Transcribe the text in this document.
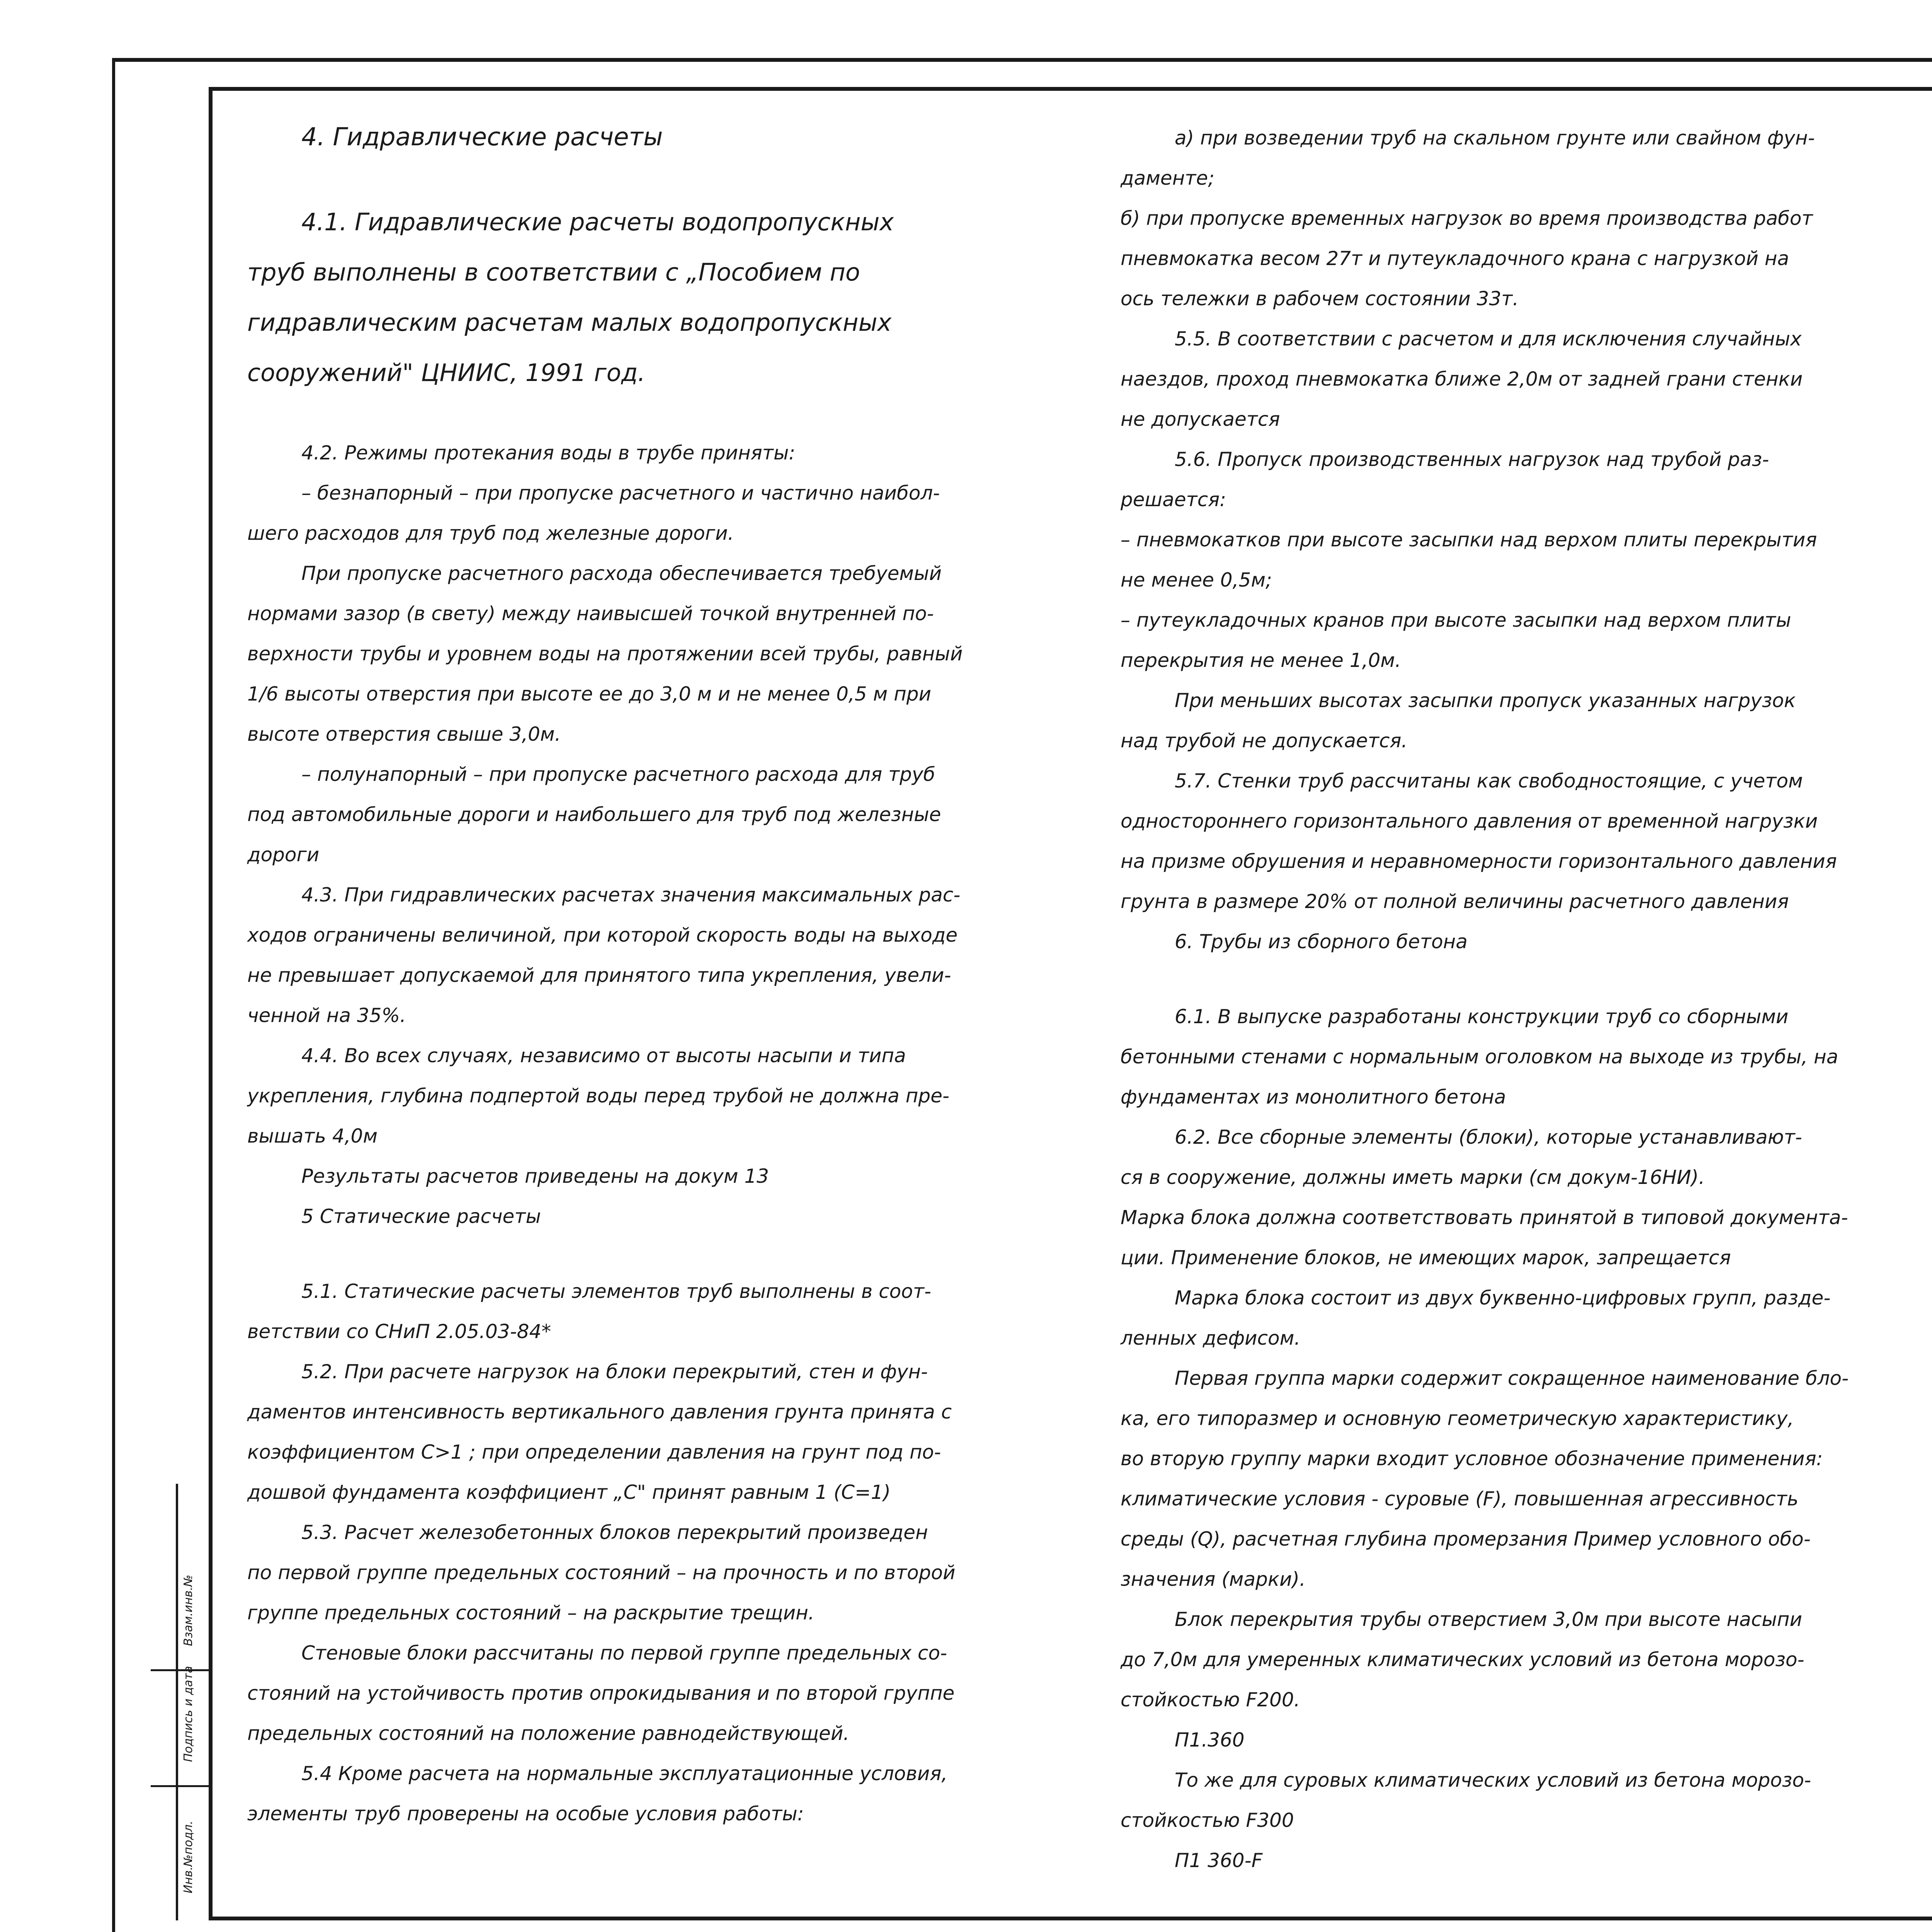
Инв.№подл.
Подпись и дата
Взам.инв.№

4. Гидравлические расчеты

4.1. Гидравлические расчеты водопропускных

труб выполнены в соответствии с „Пособием по

гидравлическим расчетам малых водопропускных

сооружений" ЦНИИС, 1991 год.

4.2. Режимы протекания воды в трубе приняты:

– безнапорный – при пропуске расчетного и частично наибол-

шего расходов для труб под железные дороги.

При пропуске расчетного расхода обеспечивается требуемый

нормами зазор (в свету) между наивысшей точкой внутренней по-

верхности трубы и уровнем воды на протяжении всей трубы, равный

1/6 высоты отверстия при высоте ее до 3,0 м и не менее 0,5 м при

высоте отверстия свыше 3,0м.

– полунапорный – при пропуске расчетного расхода для труб

под автомобильные дороги и наибольшего для труб под железные

дороги

4.3. При гидравлических расчетах значения максимальных рас-

ходов ограничены величиной, при которой скорость воды на выходе

не превышает допускаемой для принятого типа укрепления, увели-

ченной на 35%.

4.4. Во всех случаях, независимо от высоты насыпи и типа

укрепления, глубина подпертой воды перед трубой не должна пре-

вышать 4,0м

Результаты расчетов приведены на докум 13

5 Статические расчеты

5.1. Статические расчеты элементов труб выполнены в соот-

ветствии со СНиП 2.05.03-84*

5.2. При расчете нагрузок на блоки перекрытий, стен и фун-

даментов интенсивность вертикального давления грунта принята с

коэффициентом С>1 ; при определении давления на грунт под по-

дошвой фундамента коэффициент „С" принят равным 1 (С=1)

5.3. Расчет железобетонных блоков перекрытий произведен

по первой группе предельных состояний – на прочность и по второй

группе предельных состояний – на раскрытие трещин.

Стеновые блоки рассчитаны по первой группе предельных со-

стояний на устойчивость против опрокидывания и по второй группе

предельных состояний на положение равнодействующей.

5.4 Кроме расчета на нормальные эксплуатационные условия,

элементы труб проверены на особые условия работы:

а) при возведении труб на скальном грунте или свайном фун-

даменте;

б) при пропуске временных нагрузок во время производства работ

пневмокатка весом 27т и путеукладочного крана с нагрузкой на

ось тележки в рабочем состоянии 33т.

5.5. В соответствии с расчетом и для исключения случайных

наездов, проход пневмокатка ближе 2,0м от задней грани стенки

не допускается

5.6. Пропуск производственных нагрузок над трубой раз-

решается:

– пневмокатков при высоте засыпки над верхом плиты перекрытия

не менее 0,5м;

– путеукладочных кранов при высоте засыпки над верхом плиты

перекрытия не менее 1,0м.

При меньших высотах засыпки пропуск указанных нагрузок

над трубой не допускается.

5.7. Стенки труб рассчитаны как свободностоящие, с учетом

одностороннего горизонтального давления от временной нагрузки

на призме обрушения и неравномерности горизонтального давления

грунта в размере 20% от полной величины расчетного давления

6. Трубы из сборного бетона

6.1. В выпуске разработаны конструкции труб со сборными

бетонными стенами с нормальным оголовком на выходе из трубы, на

фундаментах из монолитного бетона

6.2. Все сборные элементы (блоки), которые устанавливают-

ся в сооружение, должны иметь марки (см докум-16НИ).

Марка блока должна соответствовать принятой в типовой документа-

ции. Применение блоков, не имеющих марок, запрещается

Марка блока состоит из двух буквенно-цифровых групп, разде-

ленных дефисом.

Первая группа марки содержит сокращенное наименование бло-

ка, его типоразмер и основную геометрическую характеристику,

во вторую группу марки входит условное обозначение применения:

климатические условия - суровые (F), повышенная агрессивность

среды (Q), расчетная глубина промерзания Пример условного обо-

значения (марки).

Блок перекрытия трубы отверстием 3,0м при высоте насыпи

до 7,0м для умеренных климатических условий из бетона морозо-

стойкостью F200.

П1.360

То же для суровых климатических условий из бетона морозо-

стойкостью F300

П1 360-F
